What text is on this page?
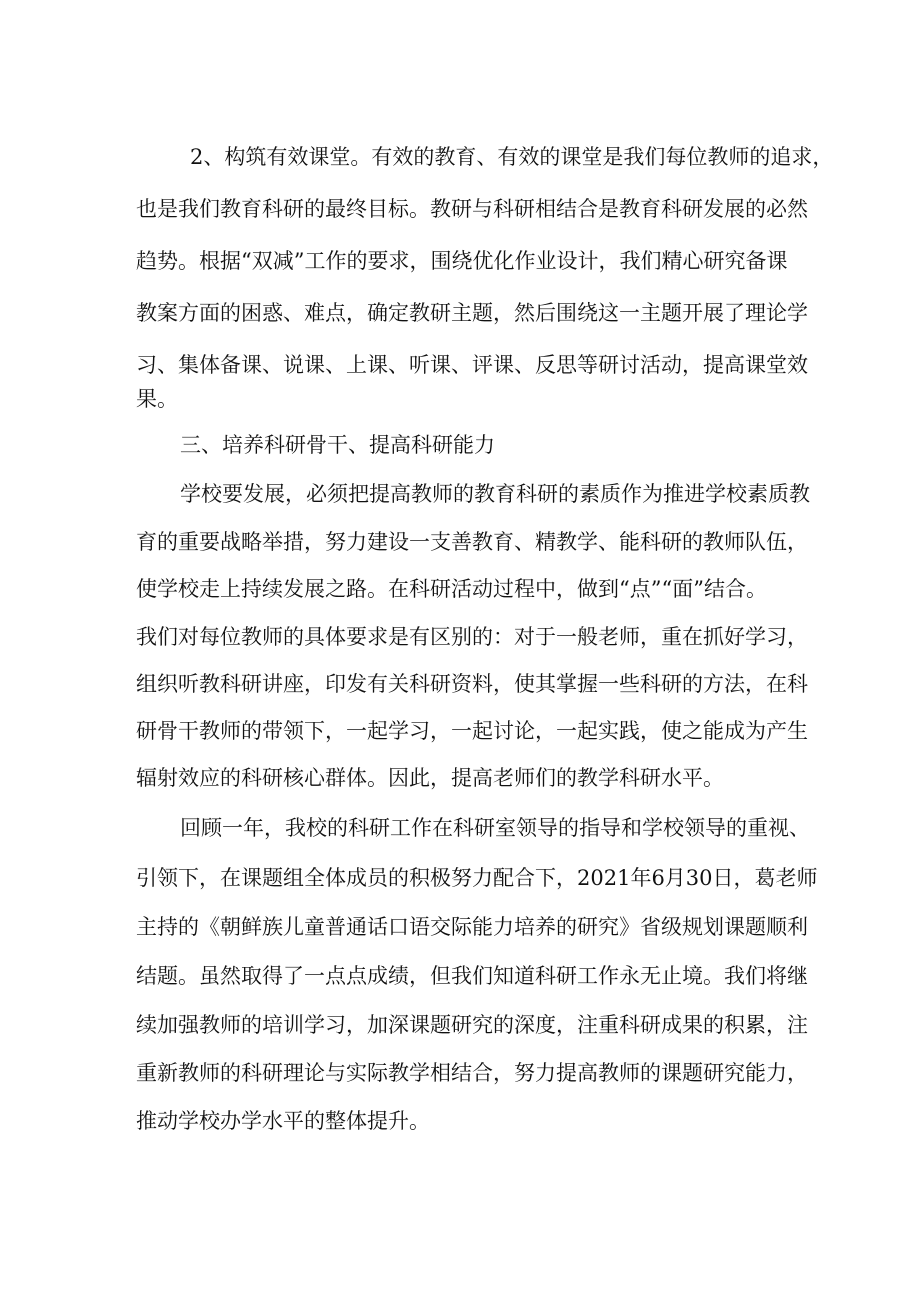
2、构筑有效课堂。有效的教育、有效的课堂是我们每位教师的追求，

也是我们教育科研的最终目标。教研与科研相结合是教育科研发展的必然

趋势。根据“双减”工作的要求，围绕优化作业设计，我们精心研究备课

教案方面的困惑、难点，确定教研主题，然后围绕这一主题开展了理论学

习、集体备课、说课、上课、听课、评课、反思等研讨活动，提高课堂效

果。

三、培养科研骨干、提高科研能力

学校要发展，必须把提高教师的教育科研的素质作为推进学校素质教

育的重要战略举措，努力建设一支善教育、精教学、能科研的教师队伍，

使学校走上持续发展之路。在科研活动过程中，做到“点”“面”结合。

我们对每位教师的具体要求是有区别的：对于一般老师，重在抓好学习，

组织听教科研讲座，印发有关科研资料，使其掌握一些科研的方法，在科

研骨干教师的带领下，一起学习，一起讨论，一起实践，使之能成为产生

辐射效应的科研核心群体。因此，提高老师们的教学科研水平。

回顾一年，我校的科研工作在科研室领导的指导和学校领导的重视、

引领下，在课题组全体成员的积极努力配合下，2021年6月30日，葛老师

主持的《朝鲜族儿童普通话口语交际能力培养的研究》省级规划课题顺利

结题。虽然取得了一点点成绩，但我们知道科研工作永无止境。我们将继

续加强教师的培训学习，加深课题研究的深度，注重科研成果的积累，注

重新教师的科研理论与实际教学相结合，努力提高教师的课题研究能力，

推动学校办学水平的整体提升。
